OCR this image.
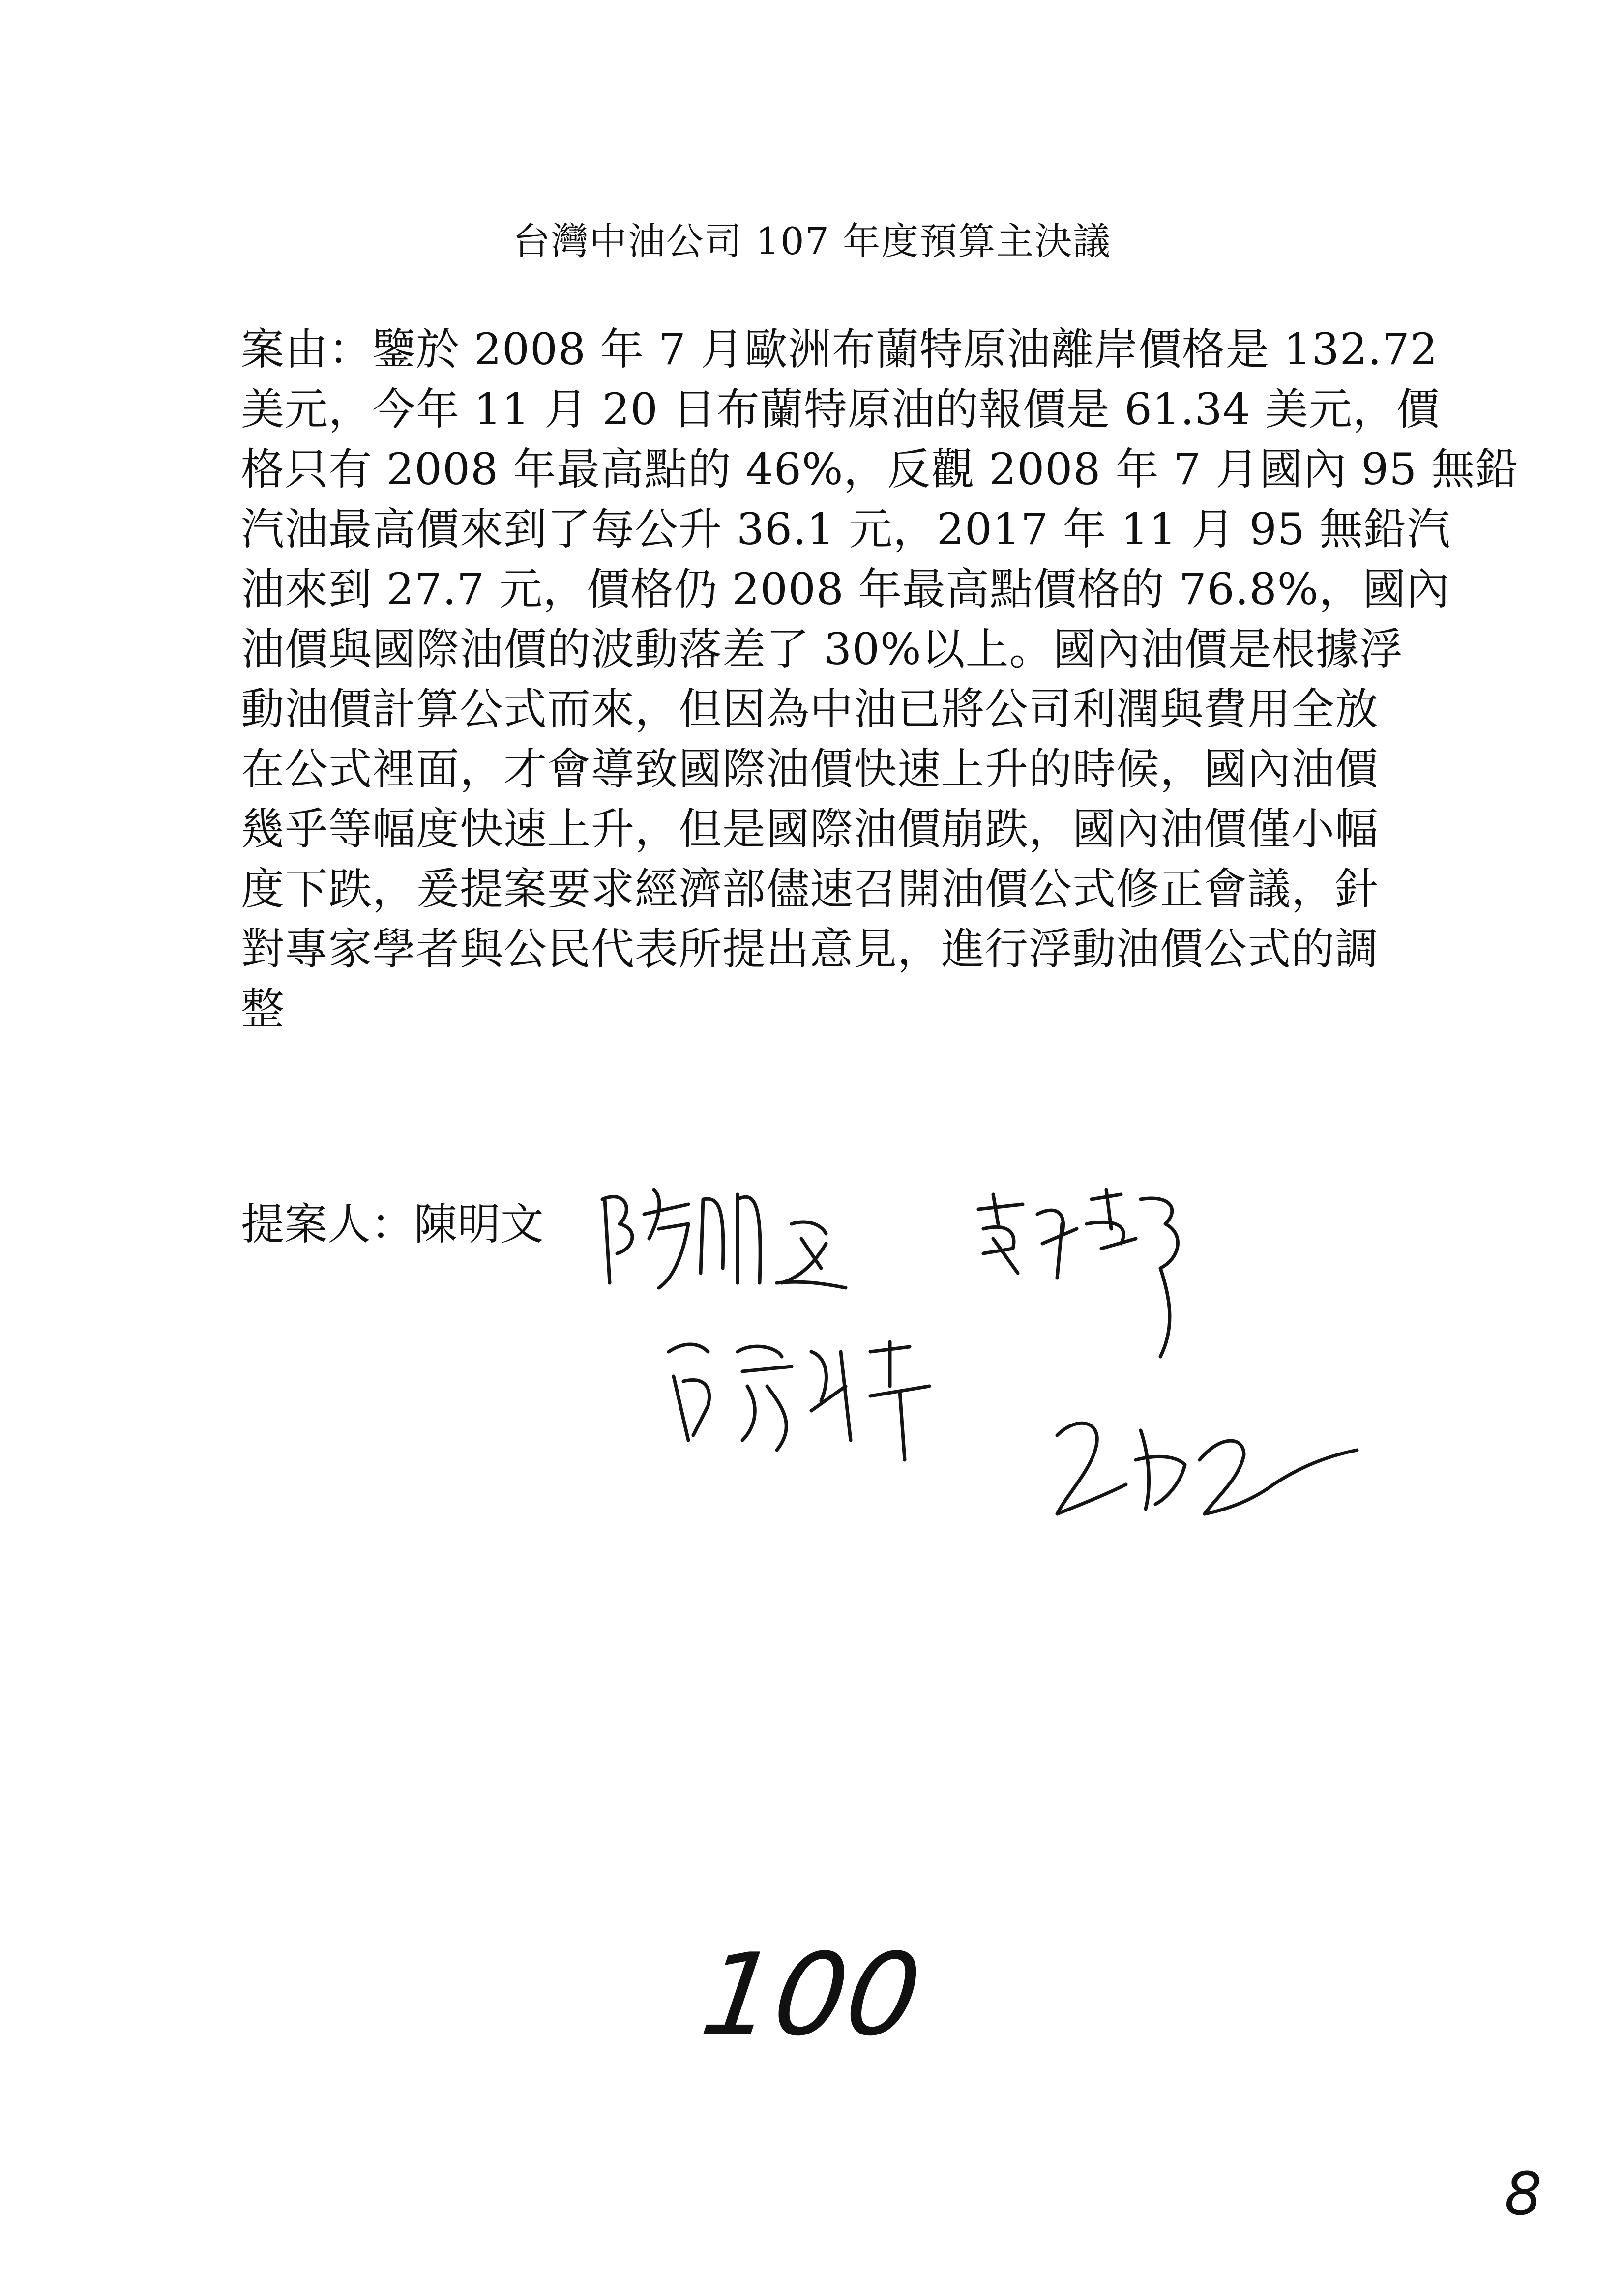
台灣中油公司 107 年度預算主決議
案由：鑒於 2008 年 7 月歐洲布蘭特原油離岸價格是 132.72
美元，今年 11 月 20 日布蘭特原油的報價是 61.34 美元，價
格只有 2008 年最高點的 46%，反觀 2008 年 7 月國內 95 無鉛
汽油最高價來到了每公升 36.1 元，2017 年 11 月 95 無鉛汽
油來到 27.7 元，價格仍 2008 年最高點價格的 76.8%，國內
油價與國際油價的波動落差了 30%以上。國內油價是根據浮
動油價計算公式而來，但因為中油已將公司利潤與費用全放
在公式裡面，才會導致國際油價快速上升的時候，國內油價
幾乎等幅度快速上升，但是國際油價崩跌，國內油價僅小幅
度下跌，爰提案要求經濟部儘速召開油價公式修正會議，針
對專家學者與公民代表所提出意見，進行浮動油價公式的調
整
提案人：陳明文
100
8
